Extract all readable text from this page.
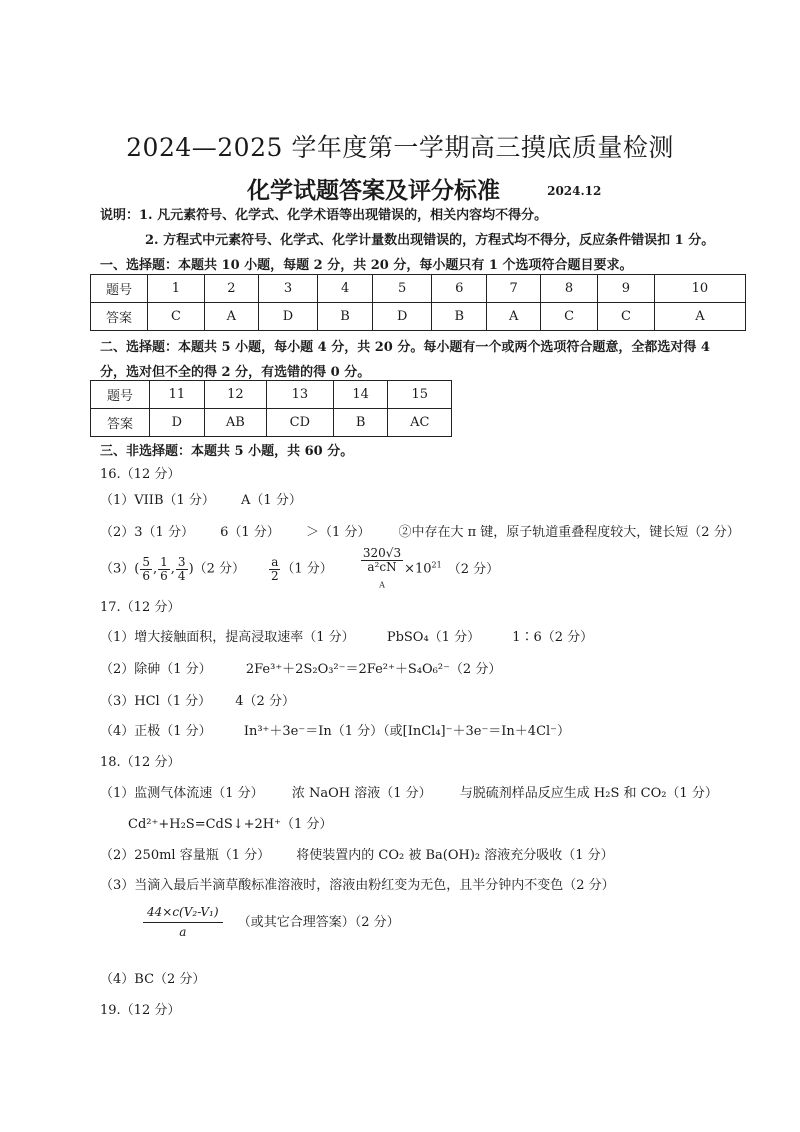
2024—2025 学年度第一学期高三摸底质量检测
化学试题答案及评分标准	2024.12
说明：1. 凡元素符号、化学式、化学术语等出现错误的，相关内容均不得分。
2. 方程式中元素符号、化学式、化学计量数出现错误的，方程式均不得分，反应条件错误扣 1 分。
一、选择题：本题共 10 小题，每题 2 分，共 20 分，每小题只有 1 个选项符合题目要求。
题号	1	2	3	4	5	6	7	8	9	10
答案	C	A	D	B	D	B	A	C	C	A
二、选择题：本题共 5 小题，每小题 4 分，共 20 分。每小题有一个或两个选项符合题意，全都选对得 4
分，选对但不全的得 2 分，有选错的得 0 分。
题号	11	12	13	14	15
答案	D	AB	CD	B	AC
三、非选择题：本题共 5 小题，共 60 分。
16.（12 分）
（1）VIIB（1 分） A（1 分）
（2）3（1 分） 6（1 分） ＞（1 分） ②中存在大 π 键，原子轨道重叠程度较大，键长短（2 分）
$(3)( \frac{5}{6}$ , $\frac{1}{6}$ , $\frac{3}{4} )(2$ 分） $\frac{a}{2} (1$ 分） 320√3
a²cN
$_A \times 10^{21}$ （2 分）
17.（12 分）
（1）增大接触面积，提高浸取速率（1 分） PbSO₄（1 分） 1∶6（2 分）
（2）除砷（1 分）	2Fe³⁺＋2S₂O₃²⁻＝2Fe²⁺＋S₄O₆²⁻（2 分）
（3）HCl（1 分） 4（2 分）
（4）正极（1 分） In³⁺＋3e⁻＝In（1 分）（或[InCl₄]⁻＋3e⁻＝In＋4Cl⁻）
18.（12 分）
（1）监测气体流速（1 分） 浓 NaOH 溶液（1 分） 与脱硫剂样品反应生成 H₂S 和 CO₂（1 分）
Cd²⁺+H₂S=CdS↓+2H⁺（1 分）
（2）250ml 容量瓶（1 分） 将使装置内的 CO₂ 被 Ba(OH)₂ 溶液充分吸收（1 分）
（3）当滴入最后半滴草酸标准溶液时，溶液由粉红变为无色，且半分钟内不变色（2 分）
$\frac{\text{44×c(V₂-V₁)}}{a}$ （或其它合理答案）（2 分）
（4）BC（2 分）
19.（12 分）
